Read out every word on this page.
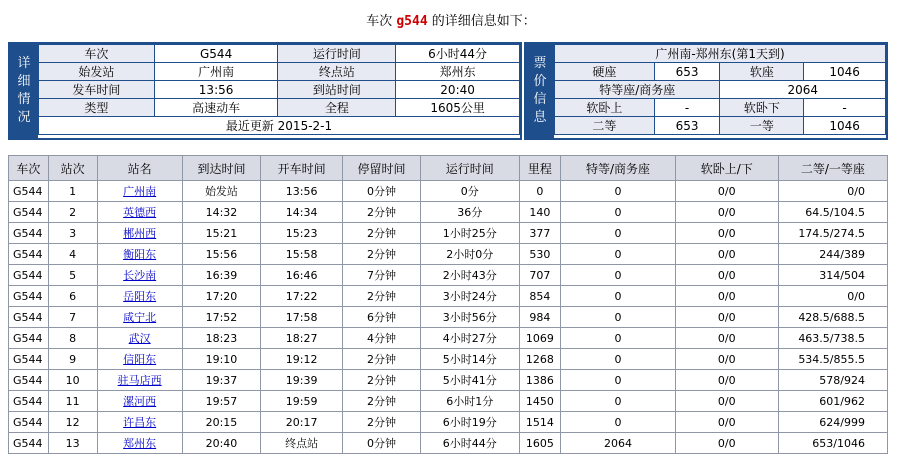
车次 g544 的详细信息如下：
详细情况
车次	G544	运行时间	6小时44分
始发站	广州南	终点站	郑州东
发车时间	13:56	到站时间	20:40
类型	高速动车	全程	1605公里
最近更新 2015-2-1			
票价信息
广州南-郑州东(第1天到)			
硬座	653	软座	1046
特等座/商务座		2064	
软卧上	-	软卧下	-
二等	653	一等	1046
车次	站次	站名	到达时间	开车时间	停留时间	运行时间	里程	特等/商务座	软卧上/下	二等/一等座
G544	1	广州南	始发站	13:56	0分钟	0分	0	0	0/0	0/0
G544	2	英德西	14:32	14:34	2分钟	36分	140	0	0/0	64.5/104.5
G544	3	郴州西	15:21	15:23	2分钟	1小时25分	377	0	0/0	174.5/274.5
G544	4	衡阳东	15:56	15:58	2分钟	2小时0分	530	0	0/0	244/389
G544	5	长沙南	16:39	16:46	7分钟	2小时43分	707	0	0/0	314/504
G544	6	岳阳东	17:20	17:22	2分钟	3小时24分	854	0	0/0	0/0
G544	7	咸宁北	17:52	17:58	6分钟	3小时56分	984	0	0/0	428.5/688.5
G544	8	武汉	18:23	18:27	4分钟	4小时27分	1069	0	0/0	463.5/738.5
G544	9	信阳东	19:10	19:12	2分钟	5小时14分	1268	0	0/0	534.5/855.5
G544	10	驻马店西	19:37	19:39	2分钟	5小时41分	1386	0	0/0	578/924
G544	11	漯河西	19:57	19:59	2分钟	6小时1分	1450	0	0/0	601/962
G544	12	许昌东	20:15	20:17	2分钟	6小时19分	1514	0	0/0	624/999
G544	13	郑州东	20:40	终点站	0分钟	6小时44分	1605	2064	0/0	653/1046
